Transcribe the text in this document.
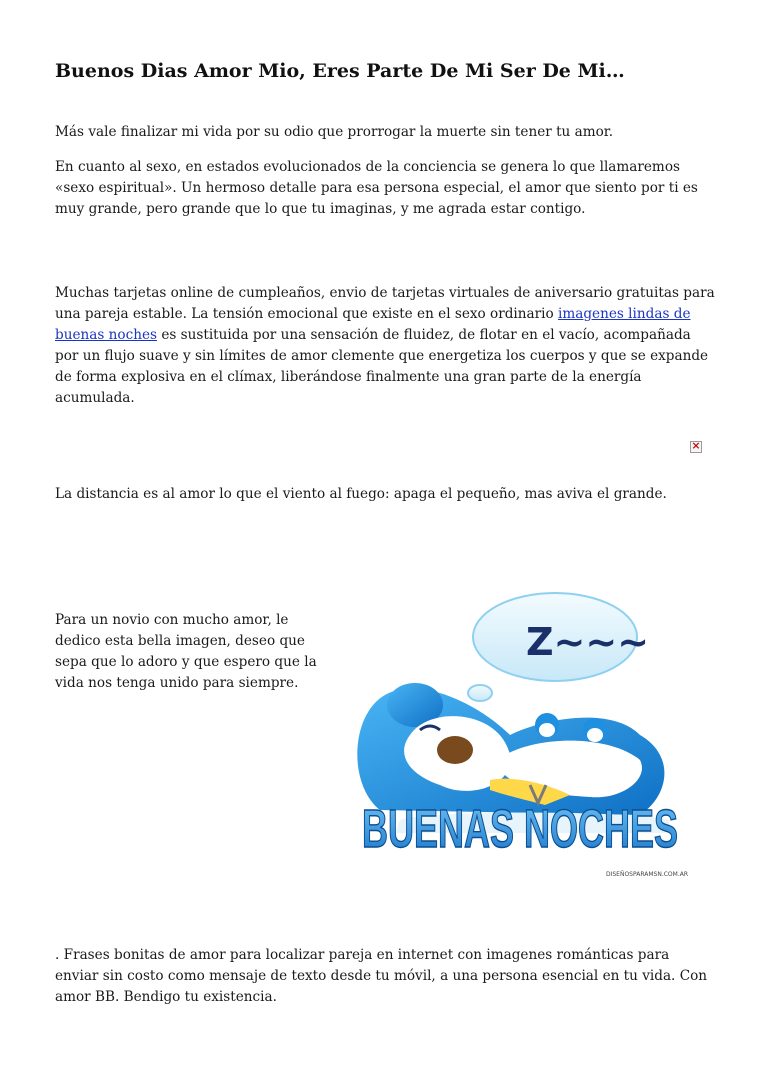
Buenos Dias Amor Mio, Eres Parte De Mi Ser De Mi…

Más vale finalizar mi vida por su odio que prorrogar la muerte sin tener tu amor.

En cuanto al sexo, en estados evolucionados de la conciencia se genera lo que llamaremos «sexo espiritual». Un hermoso detalle para esa persona especial, el amor que siento por ti es muy grande, pero grande que lo que tu imaginas, y me agrada estar contigo.

Muchas tarjetas online de cumpleaños, envio de tarjetas virtuales de aniversario gratuitas para una pareja estable. La tensión emocional que existe en el sexo ordinario imagenes lindas de buenas noches es sustituida por una sensación de fluidez, de flotar en el vacío, acompañada por un flujo suave y sin límites de amor clemente que energetiza los cuerpos y que se expande de forma explosiva en el clímax, liberándose finalmente una gran parte de la energía acumulada.

×

La distancia es al amor lo que el viento al fuego: apaga el pequeño, mas aviva el grande.

Para un novio con mucho amor, le dedico esta bella imagen, deseo que sepa que lo adoro y que espero que la vida nos tenga unido para siempre.

Z~~~
BUENAS NOCHES
DISEÑOSPARAMSN.COM.AR

. Frases bonitas de amor para localizar pareja en internet con imagenes románticas para enviar sin costo como mensaje de texto desde tu móvil, a una persona esencial en tu vida. Con amor BB. Bendigo tu existencia.
